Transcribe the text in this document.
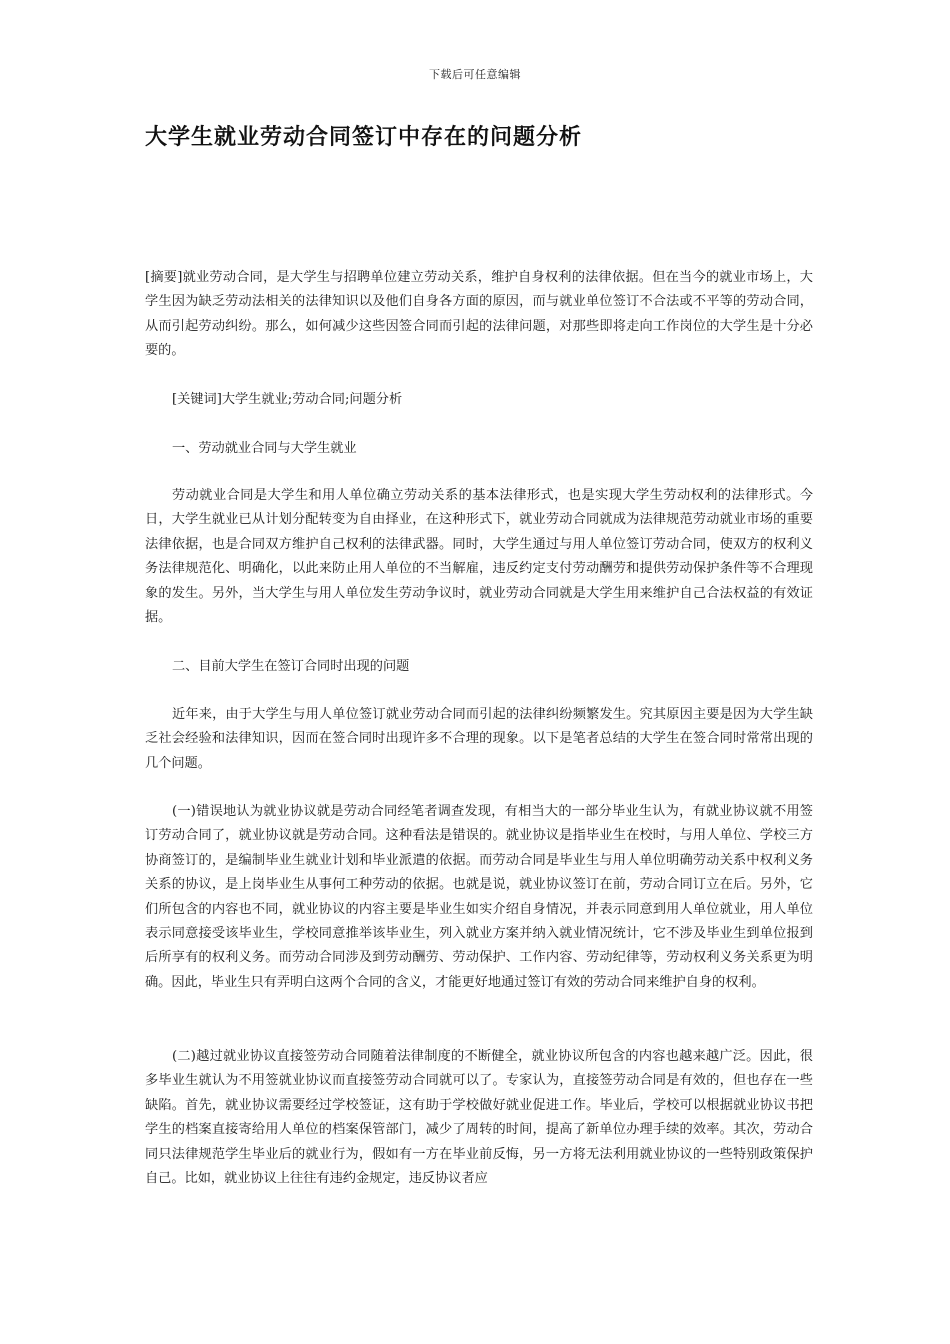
下载后可任意编辑
大学生就业劳动合同签订中存在的问题分析

[摘要]就业劳动合同，是大学生与招聘单位建立劳动关系，维护自身权利的法律依据。但在当今的就业市场上，大学生因为缺乏劳动法相关的法律知识以及他们自身各方面的原因，而与就业单位签订不合法或不平等的劳动合同，从而引起劳动纠纷。那么，如何减少这些因签合同而引起的法律问题，对那些即将走向工作岗位的大学生是十分必要的。

[关键词]大学生就业;劳动合同;问题分析

一、劳动就业合同与大学生就业

劳动就业合同是大学生和用人单位确立劳动关系的基本法律形式，也是实现大学生劳动权利的法律形式。今日，大学生就业已从计划分配转变为自由择业，在这种形式下，就业劳动合同就成为法律规范劳动就业市场的重要法律依据，也是合同双方维护自己权利的法律武器。同时，大学生通过与用人单位签订劳动合同，使双方的权利义务法律规范化、明确化，以此来防止用人单位的不当解雇，违反约定支付劳动酬劳和提供劳动保护条件等不合理现象的发生。另外，当大学生与用人单位发生劳动争议时，就业劳动合同就是大学生用来维护自己合法权益的有效证据。

二、目前大学生在签订合同时出现的问题

近年来，由于大学生与用人单位签订就业劳动合同而引起的法律纠纷频繁发生。究其原因主要是因为大学生缺乏社会经验和法律知识，因而在签合同时出现许多不合理的现象。以下是笔者总结的大学生在签合同时常常出现的几个问题。

(一)错误地认为就业协议就是劳动合同经笔者调查发现，有相当大的一部分毕业生认为，有就业协议就不用签订劳动合同了，就业协议就是劳动合同。这种看法是错误的。就业协议是指毕业生在校时，与用人单位、学校三方协商签订的，是编制毕业生就业计划和毕业派遣的依据。而劳动合同是毕业生与用人单位明确劳动关系中权利义务关系的协议，是上岗毕业生从事何工种劳动的依据。也就是说，就业协议签订在前，劳动合同订立在后。另外，它们所包含的内容也不同，就业协议的内容主要是毕业生如实介绍自身情况，并表示同意到用人单位就业，用人单位表示同意接受该毕业生，学校同意推举该毕业生，列入就业方案并纳入就业情况统计，它不涉及毕业生到单位报到后所享有的权利义务。而劳动合同涉及到劳动酬劳、劳动保护、工作内容、劳动纪律等，劳动权利义务关系更为明确。因此，毕业生只有弄明白这两个合同的含义，才能更好地通过签订有效的劳动合同来维护自身的权利。

(二)越过就业协议直接签劳动合同随着法律制度的不断健全，就业协议所包含的内容也越来越广泛。因此，很多毕业生就认为不用签就业协议而直接签劳动合同就可以了。专家认为，直接签劳动合同是有效的，但也存在一些缺陷。首先，就业协议需要经过学校签证，这有助于学校做好就业促进工作。毕业后，学校可以根据就业协议书把学生的档案直接寄给用人单位的档案保管部门，减少了周转的时间，提高了新单位办理手续的效率。其次，劳动合同只法律规范学生毕业后的就业行为，假如有一方在毕业前反悔，另一方将无法利用就业协议的一些特别政策保护自己。比如，就业协议上往往有违约金规定，违反协议者应
